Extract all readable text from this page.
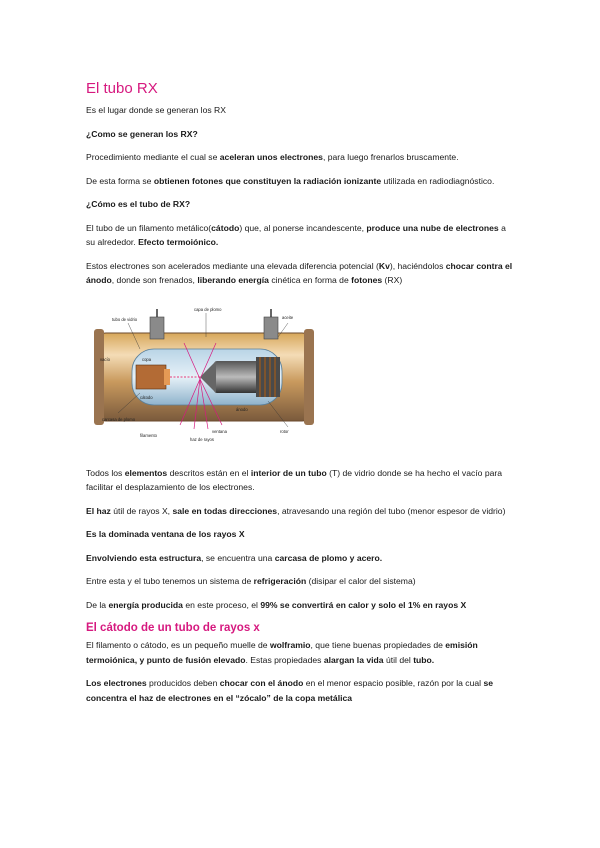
El tubo RX

Es el lugar donde se generan los RX

¿Como se generan los RX?

Procedimiento mediante el cual se aceleran unos electrones, para luego frenarlos bruscamente.

De esta forma se obtienen fotones que constituyen la radiación ionizante utilizada en radiodiagnóstico.

¿Cómo es el tubo de RX?

El tubo de un filamento metálico(cátodo) que, al ponerse incandescente, produce una nube de electrones a su alrededor. Efecto termoiónico.

Estos electrones son acelerados mediante una elevada diferencia potencial (Kv), haciéndolos chocar contra el ánodo, donde son frenados, liberando energía cinética en forma de fotones (RX)

capa de plomo
tubo de vidrio
vacío	copa
cátodo
carcasa de plomo
filamento
haz de rayos
aceite
rotor
ánodo
ventana

Todos los elementos descritos están en el interior de un tubo (T) de vidrio donde se ha hecho el vacío para facilitar el desplazamiento de los electrones.

El haz útil de rayos X, sale en todas direcciones, atravesando una región del tubo (menor espesor de vidrio)

Es la dominada ventana de los rayos X

Envolviendo esta estructura, se encuentra una carcasa de plomo y acero.

Entre esta y el tubo tenemos un sistema de refrigeración (disipar el calor del sistema)

De la energía producida en este proceso, el 99% se convertirá en calor y solo el 1% en rayos X

El cátodo de un tubo de rayos x

El filamento o cátodo, es un pequeño muelle de wolframio, que tiene buenas propiedades de emisión termoiónica, y punto de fusión elevado. Estas propiedades alargan la vida útil del tubo.

Los electrones producidos deben chocar con el ánodo en el menor espacio posible, razón por la cual se concentra el haz de electrones en el “zócalo” de la copa metálica
